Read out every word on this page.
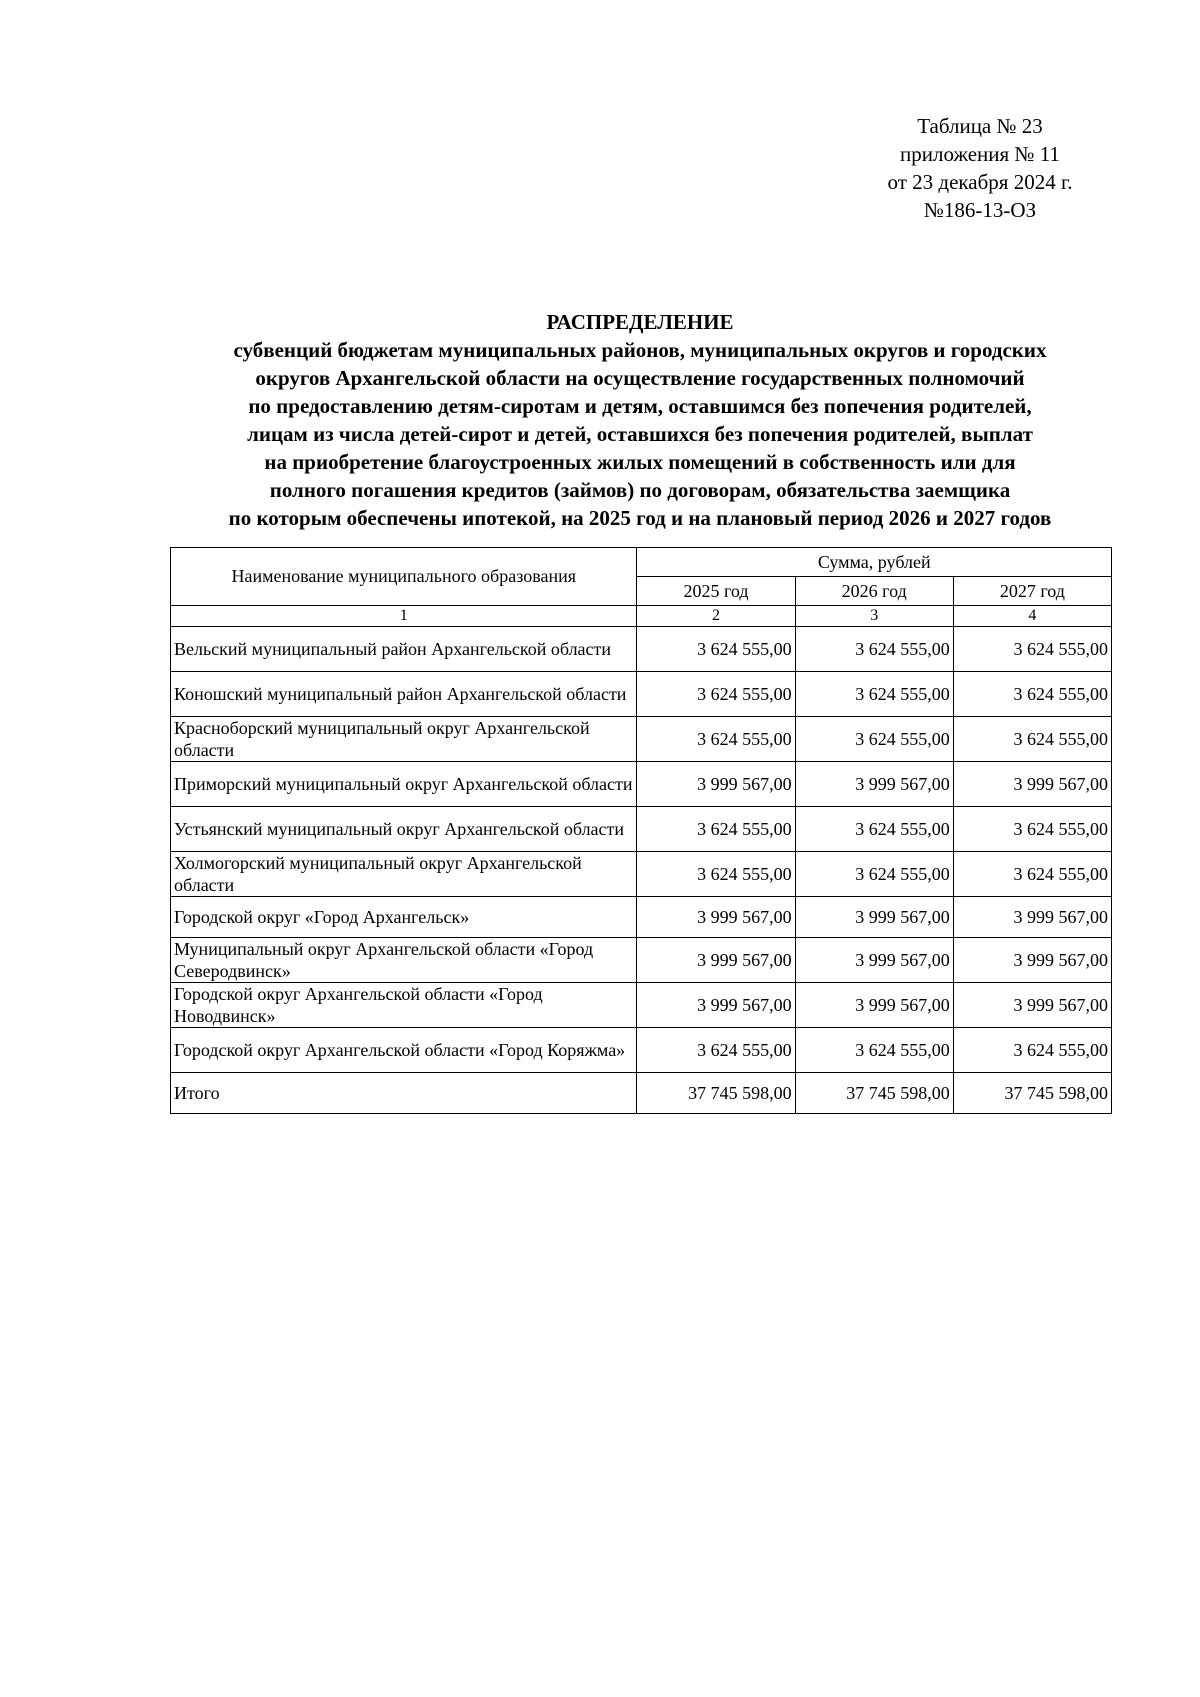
Таблица № 23
приложения № 11
от 23 декабря 2024 г.
№186-13-ОЗ
РАСПРЕДЕЛЕНИЕ
субвенций бюджетам муниципальных районов, муниципальных округов и городских
округов Архангельской области на осуществление государственных полномочий
по предоставлению детям-сиротам и детям, оставшимся без попечения родителей,
лицам из числа детей-сирот и детей, оставшихся без попечения родителей, выплат
на приобретение благоустроенных жилых помещений в собственность или для
полного погашения кредитов (займов) по договорам, обязательства заемщика
по которым обеспечены ипотекой, на 2025 год и на плановый период 2026 и 2027 годов
Наименование муниципального образования	Сумма, рублей		
	2025 год	2026 год	2027 год
1	2	3	4
Вельский муниципальный район Архангельской области	3 624 555,00	3 624 555,00	3 624 555,00
Коношский муниципальный район Архангельской области	3 624 555,00	3 624 555,00	3 624 555,00
Красноборский муниципальный округ Архангельской области	3 624 555,00	3 624 555,00	3 624 555,00
Приморский муниципальный округ Архангельской области	3 999 567,00	3 999 567,00	3 999 567,00
Устьянский муниципальный округ Архангельской области	3 624 555,00	3 624 555,00	3 624 555,00
Холмогорский муниципальный округ Архангельской области	3 624 555,00	3 624 555,00	3 624 555,00
Городской округ «Город Архангельск»	3 999 567,00	3 999 567,00	3 999 567,00
Муниципальный округ Архангельской области «Город Северодвинск»	3 999 567,00	3 999 567,00	3 999 567,00
Городской округ Архангельской области «Город Новодвинск»	3 999 567,00	3 999 567,00	3 999 567,00
Городской округ Архангельской области «Город Коряжма»	3 624 555,00	3 624 555,00	3 624 555,00
Итого	37 745 598,00	37 745 598,00	37 745 598,00
